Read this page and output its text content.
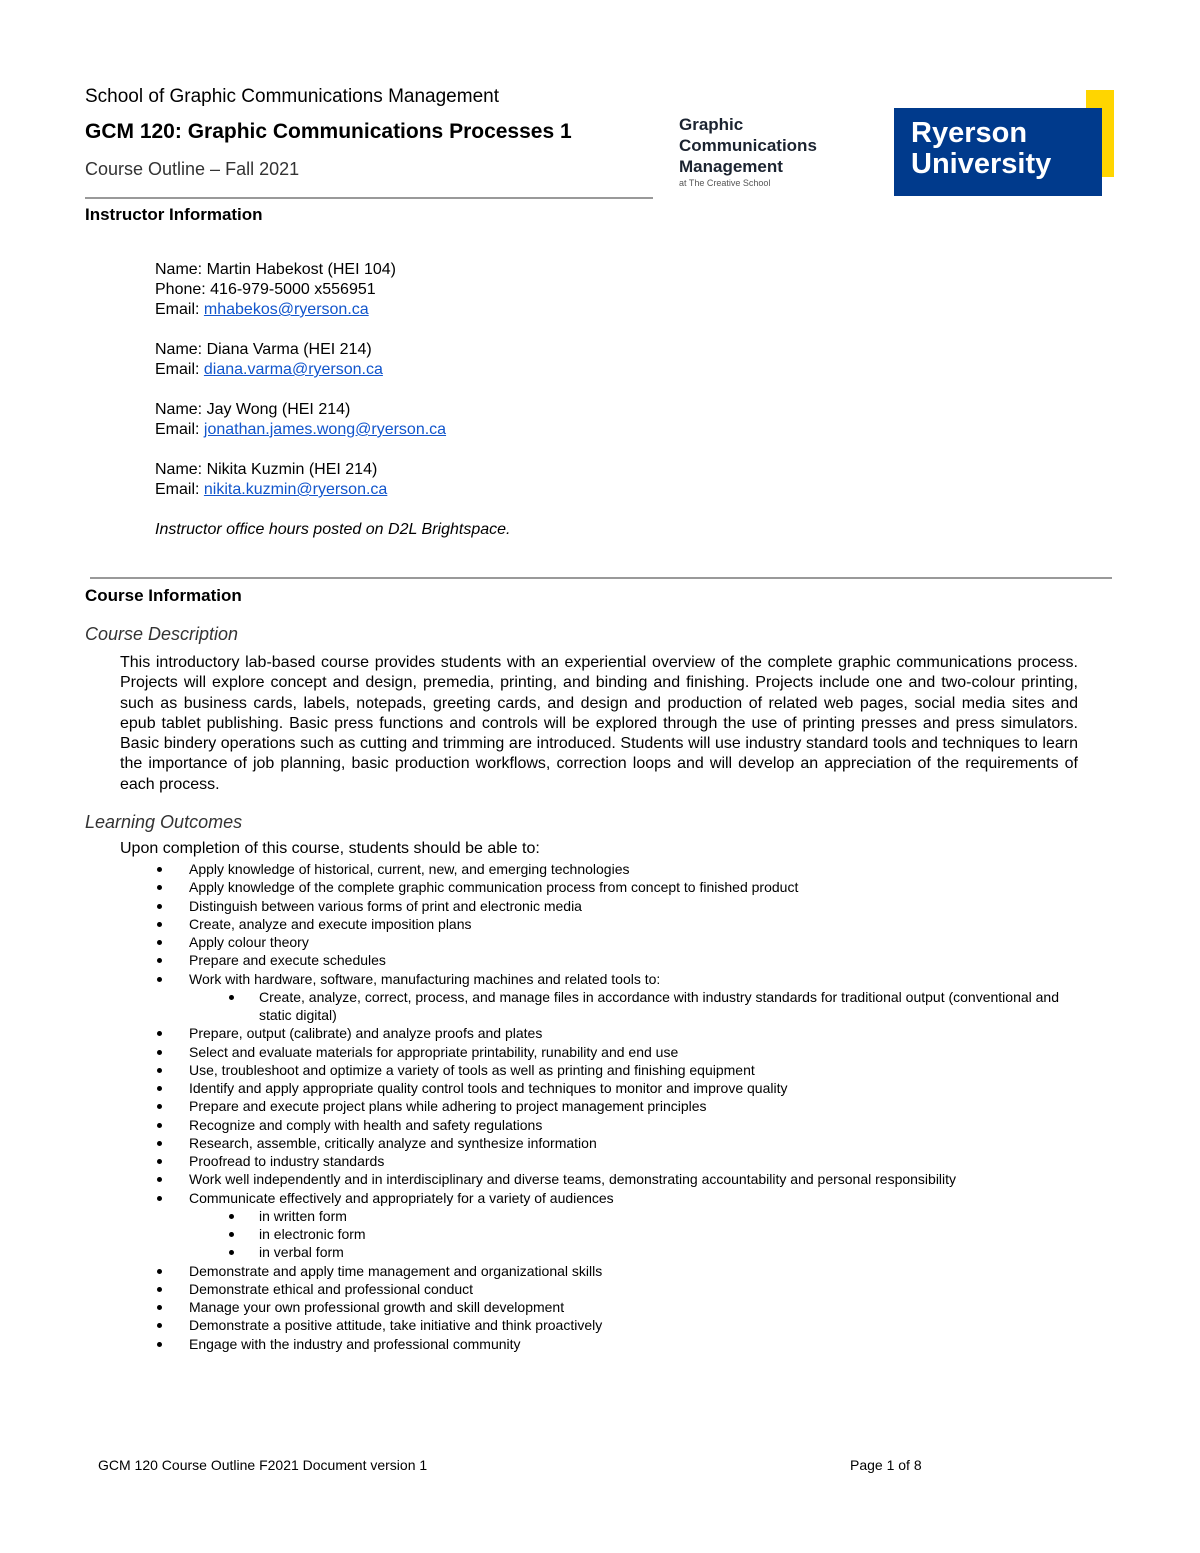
School of Graphic Communications Management
GCM 120: Graphic Communications Processes 1
Course Outline – Fall 2021
Graphic
Communications
Management
at The Creative School
Ryerson
University
Instructor Information
Name: Martin Habekost (HEI 104)
Phone: 416-979-5000 x556951
Email: mhabekos@ryerson.ca
Name: Diana Varma (HEI 214)
Email: diana.varma@ryerson.ca
Name: Jay Wong (HEI 214)
Email: jonathan.james.wong@ryerson.ca
Name: Nikita Kuzmin (HEI 214)
Email: nikita.kuzmin@ryerson.ca
Instructor office hours posted on D2L Brightspace.
Course Information
Course Description
This introductory lab-based course provides students with an experiential overview of the complete graphic communications process. Projects will explore concept and design, premedia, printing, and binding and finishing. Projects include one and two-colour printing, such as business cards, labels, notepads, greeting cards, and design and production of related web pages, social media sites and epub tablet publishing. Basic press functions and controls will be explored through the use of printing presses and press simulators. Basic bindery operations such as cutting and trimming are introduced. Students will use industry standard tools and techniques to learn the importance of job planning, basic production workflows, correction loops and will develop an appreciation of the requirements of each process.
Learning Outcomes
Upon completion of this course, students should be able to:
Apply knowledge of historical, current, new, and emerging technologies
Apply knowledge of the complete graphic communication process from concept to finished product
Distinguish between various forms of print and electronic media
Create, analyze and execute imposition plans
Apply colour theory
Prepare and execute schedules
Work with hardware, software, manufacturing machines and related tools to:
Create, analyze, correct, process, and manage files in accordance with industry standards for traditional output (conventional and static digital)
Prepare, output (calibrate) and analyze proofs and plates
Select and evaluate materials for appropriate printability, runability and end use
Use, troubleshoot and optimize a variety of tools as well as printing and finishing equipment
Identify and apply appropriate quality control tools and techniques to monitor and improve quality
Prepare and execute project plans while adhering to project management principles
Recognize and comply with health and safety regulations
Research, assemble, critically analyze and synthesize information
Proofread to industry standards
Work well independently and in interdisciplinary and diverse teams, demonstrating accountability and personal responsibility
Communicate effectively and appropriately for a variety of audiences
in written form
in electronic form
in verbal form
Demonstrate and apply time management and organizational skills
Demonstrate ethical and professional conduct
Manage your own professional growth and skill development
Demonstrate a positive attitude, take initiative and think proactively
Engage with the industry and professional community
GCM 120 Course Outline F2021 Document version 1	Page 1 of 8
